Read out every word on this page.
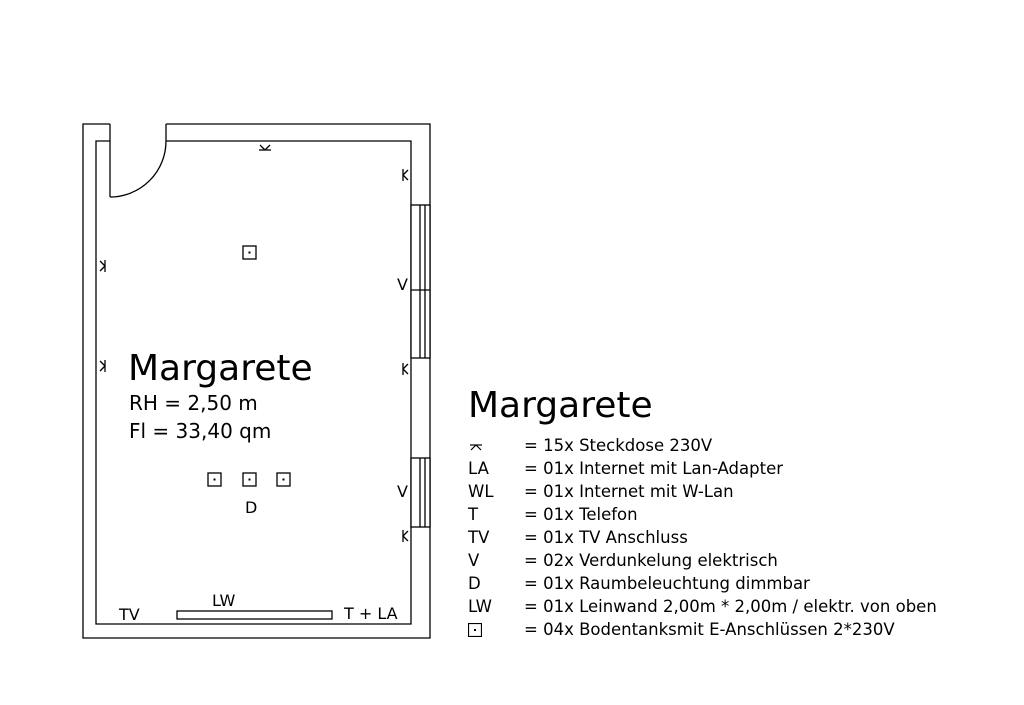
Margarete
RH = 2,50 m
Fl = 33,40 qm
V
V
D
LW
TV	T + LA
Margarete
= 15x Steckdose 230V
LA	= 01x Internet mit Lan-Adapter
WL	= 01x Internet mit W-Lan
T	= 01x Telefon
TV	= 01x TV Anschluss
V	= 02x Verdunkelung elektrisch
D	= 01x Raumbeleuchtung dimmbar
LW	= 01x Leinwand 2,00m * 2,00m / elektr. von oben
= 04x Bodentanksmit E-Anschlüssen 2*230V
